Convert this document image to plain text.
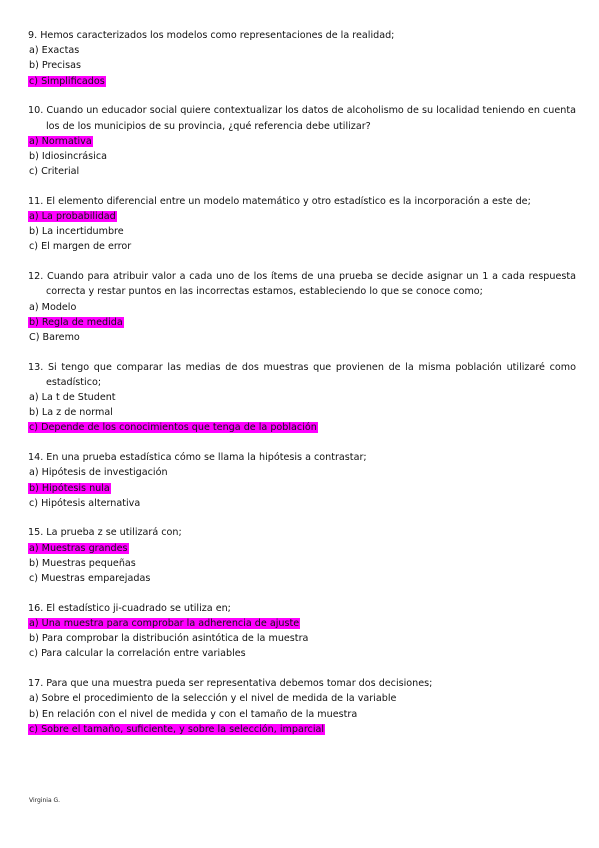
9. Hemos caracterizados los modelos como representaciones de la realidad;

a) Exactas

b) Precisas

c) Simplificados

10. Cuando un educador social quiere contextualizar los datos de alcoholismo de su localidad teniendo en cuenta los de los municipios de su provincia, ¿qué referencia debe utilizar?

a) Normativa

b) Idiosincrásica

c) Criterial

11. El elemento diferencial entre un modelo matemático y otro estadístico es la incorporación a este de;

a) La probabilidad

b) La incertidumbre

c) El margen de error

12. Cuando para atribuir valor a cada uno de los ítems de una prueba se decide asignar un 1 a cada respuesta correcta y restar puntos en las incorrectas estamos, estableciendo lo que se conoce como;

a) Modelo

b) Regla de medida

C) Baremo

13. Si tengo que comparar las medias de dos muestras que provienen de la misma población utilizaré como estadístico;

a) La t de Student

b) La z de normal

c) Depende de los conocimientos que tenga de la población

14. En una prueba estadística cómo se llama la hipótesis a contrastar;

a) Hipótesis de investigación

b) Hipótesis nula

c) Hipótesis alternativa

15. La prueba z se utilizará con;

a) Muestras grandes

b) Muestras pequeñas

c) Muestras emparejadas

16. El estadístico ji-cuadrado se utiliza en;

a) Una muestra para comprobar la adherencia de ajuste

b) Para comprobar la distribución asintótica de la muestra

c) Para calcular la correlación entre variables

17. Para que una muestra pueda ser representativa debemos tomar dos decisiones;

a) Sobre el procedimiento de la selección y el nivel de medida de la variable

b) En relación con el nivel de medida y con el tamaño de la muestra

c) Sobre el tamaño, suficiente, y sobre la selección, imparcial

Virginia G.
